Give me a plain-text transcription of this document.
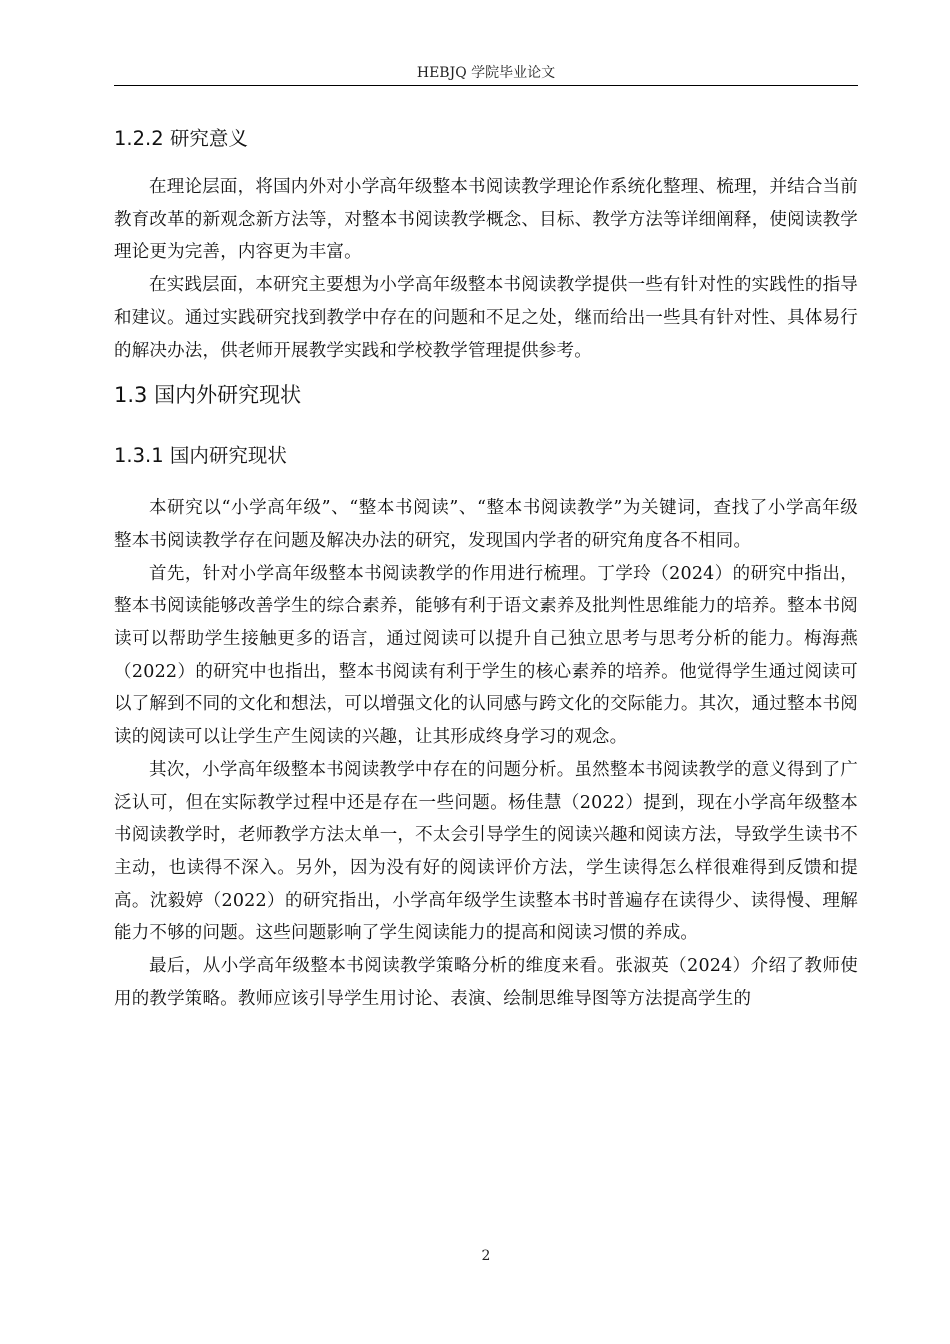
HEBJQ 学院毕业论文
1.2.2 研究意义

在理论层面，将国内外对小学高年级整本书阅读教学理论作系统化整理、梳理，并结合当前教育改革的新观念新方法等，对整本书阅读教学概念、目标、教学方法等详细阐释，使阅读教学理论更为完善，内容更为丰富。

在实践层面，本研究主要想为小学高年级整本书阅读教学提供一些有针对性的实践性的指导和建议。通过实践研究找到教学中存在的问题和不足之处，继而给出一些具有针对性、具体易行的解决办法，供老师开展教学实践和学校教学管理提供参考。

1.3 国内外研究现状
1.3.1 国内研究现状

本研究以“小学高年级”、“整本书阅读”、“整本书阅读教学”为关键词，查找了小学高年级整本书阅读教学存在问题及解决办法的研究，发现国内学者的研究角度各不相同。

首先，针对小学高年级整本书阅读教学的作用进行梳理。丁学玲（2024）的研究中指出，整本书阅读能够改善学生的综合素养，能够有利于语文素养及批判性思维能力的培养。整本书阅读可以帮助学生接触更多的语言，通过阅读可以提升自己独立思考与思考分析的能力。梅海燕（2022）的研究中也指出，整本书阅读有利于学生的核心素养的培养。他觉得学生通过阅读可以了解到不同的文化和想法，可以增强文化的认同感与跨文化的交际能力。其次，通过整本书阅读的阅读可以让学生产生阅读的兴趣，让其形成终身学习的观念。

其次，小学高年级整本书阅读教学中存在的问题分析。虽然整本书阅读教学的意义得到了广泛认可，但在实际教学过程中还是存在一些问题。杨佳慧（2022）提到，现在小学高年级整本书阅读教学时，老师教学方法太单一，不太会引导学生的阅读兴趣和阅读方法，导致学生读书不主动，也读得不深入。另外，因为没有好的阅读评价方法，学生读得怎么样很难得到反馈和提高。沈毅婷（2022）的研究指出，小学高年级学生读整本书时普遍存在读得少、读得慢、理解能力不够的问题。这些问题影响了学生阅读能力的提高和阅读习惯的养成。

最后，从小学高年级整本书阅读教学策略分析的维度来看。张淑英（2024）介绍了教师使用的教学策略。教师应该引导学生用讨论、表演、绘制思维导图等方法提高学生的

2
